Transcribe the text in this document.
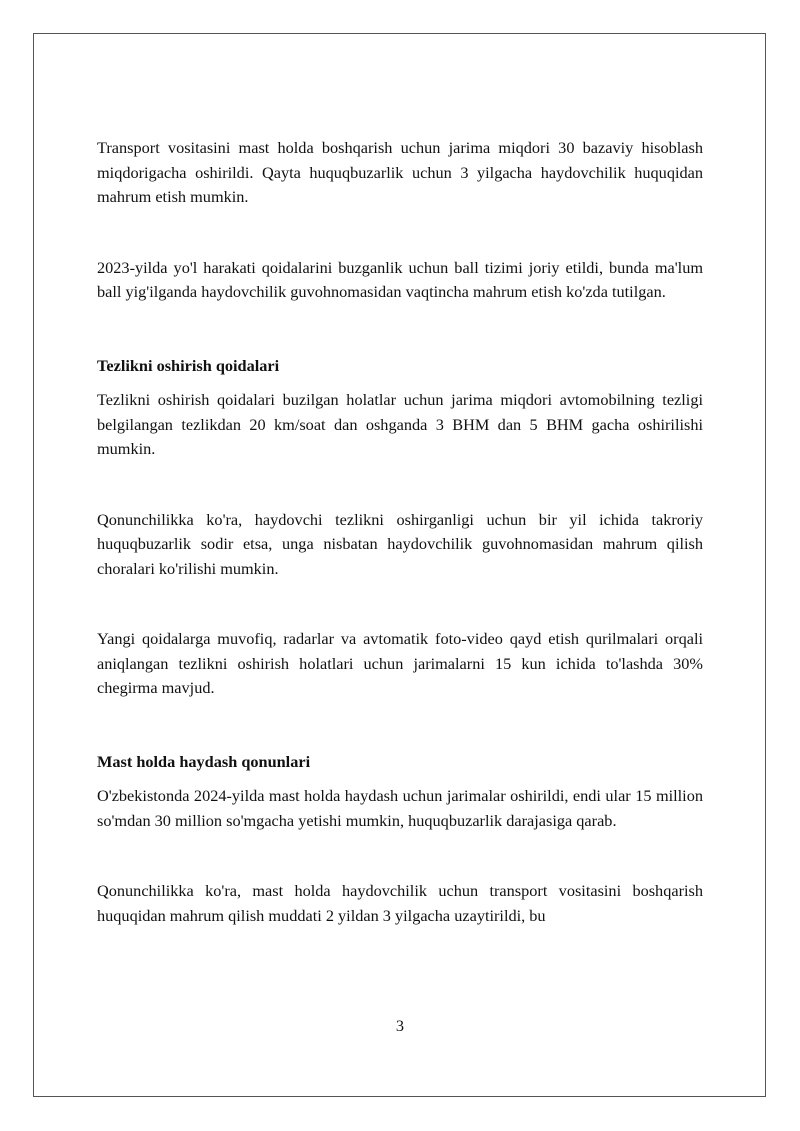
Transport vositasini mast holda boshqarish uchun jarima miqdori 30 bazaviy hisoblash miqdorigacha oshirildi. Qayta huquqbuzarlik uchun 3 yilgacha haydovchilik huquqidan mahrum etish mumkin.

2023-yilda yo'l harakati qoidalarini buzganlik uchun ball tizimi joriy etildi, bunda ma'lum ball yig'ilganda haydovchilik guvohnomasidan vaqtincha mahrum etish ko'zda tutilgan.

Tezlikni oshirish qoidalari

Tezlikni oshirish qoidalari buzilgan holatlar uchun jarima miqdori avtomobilning tezligi belgilangan tezlikdan 20 km/soat dan oshganda 3 BHM dan 5 BHM gacha oshirilishi mumkin.

Qonunchilikka ko'ra, haydovchi tezlikni oshirganligi uchun bir yil ichida takroriy huquqbuzarlik sodir etsa, unga nisbatan haydovchilik guvohnomasidan mahrum qilish choralari ko'rilishi mumkin.

Yangi qoidalarga muvofiq, radarlar va avtomatik foto-video qayd etish qurilmalari orqali aniqlangan tezlikni oshirish holatlari uchun jarimalarni 15 kun ichida to'lashda 30% chegirma mavjud.

Mast holda haydash qonunlari

O'zbekistonda 2024-yilda mast holda haydash uchun jarimalar oshirildi, endi ular 15 million so'mdan 30 million so'mgacha yetishi mumkin, huquqbuzarlik darajasiga qarab.

Qonunchilikka ko'ra, mast holda haydovchilik uchun transport vositasini boshqarish huquqidan mahrum qilish muddati 2 yildan 3 yilgacha uzaytirildi, bu

3
